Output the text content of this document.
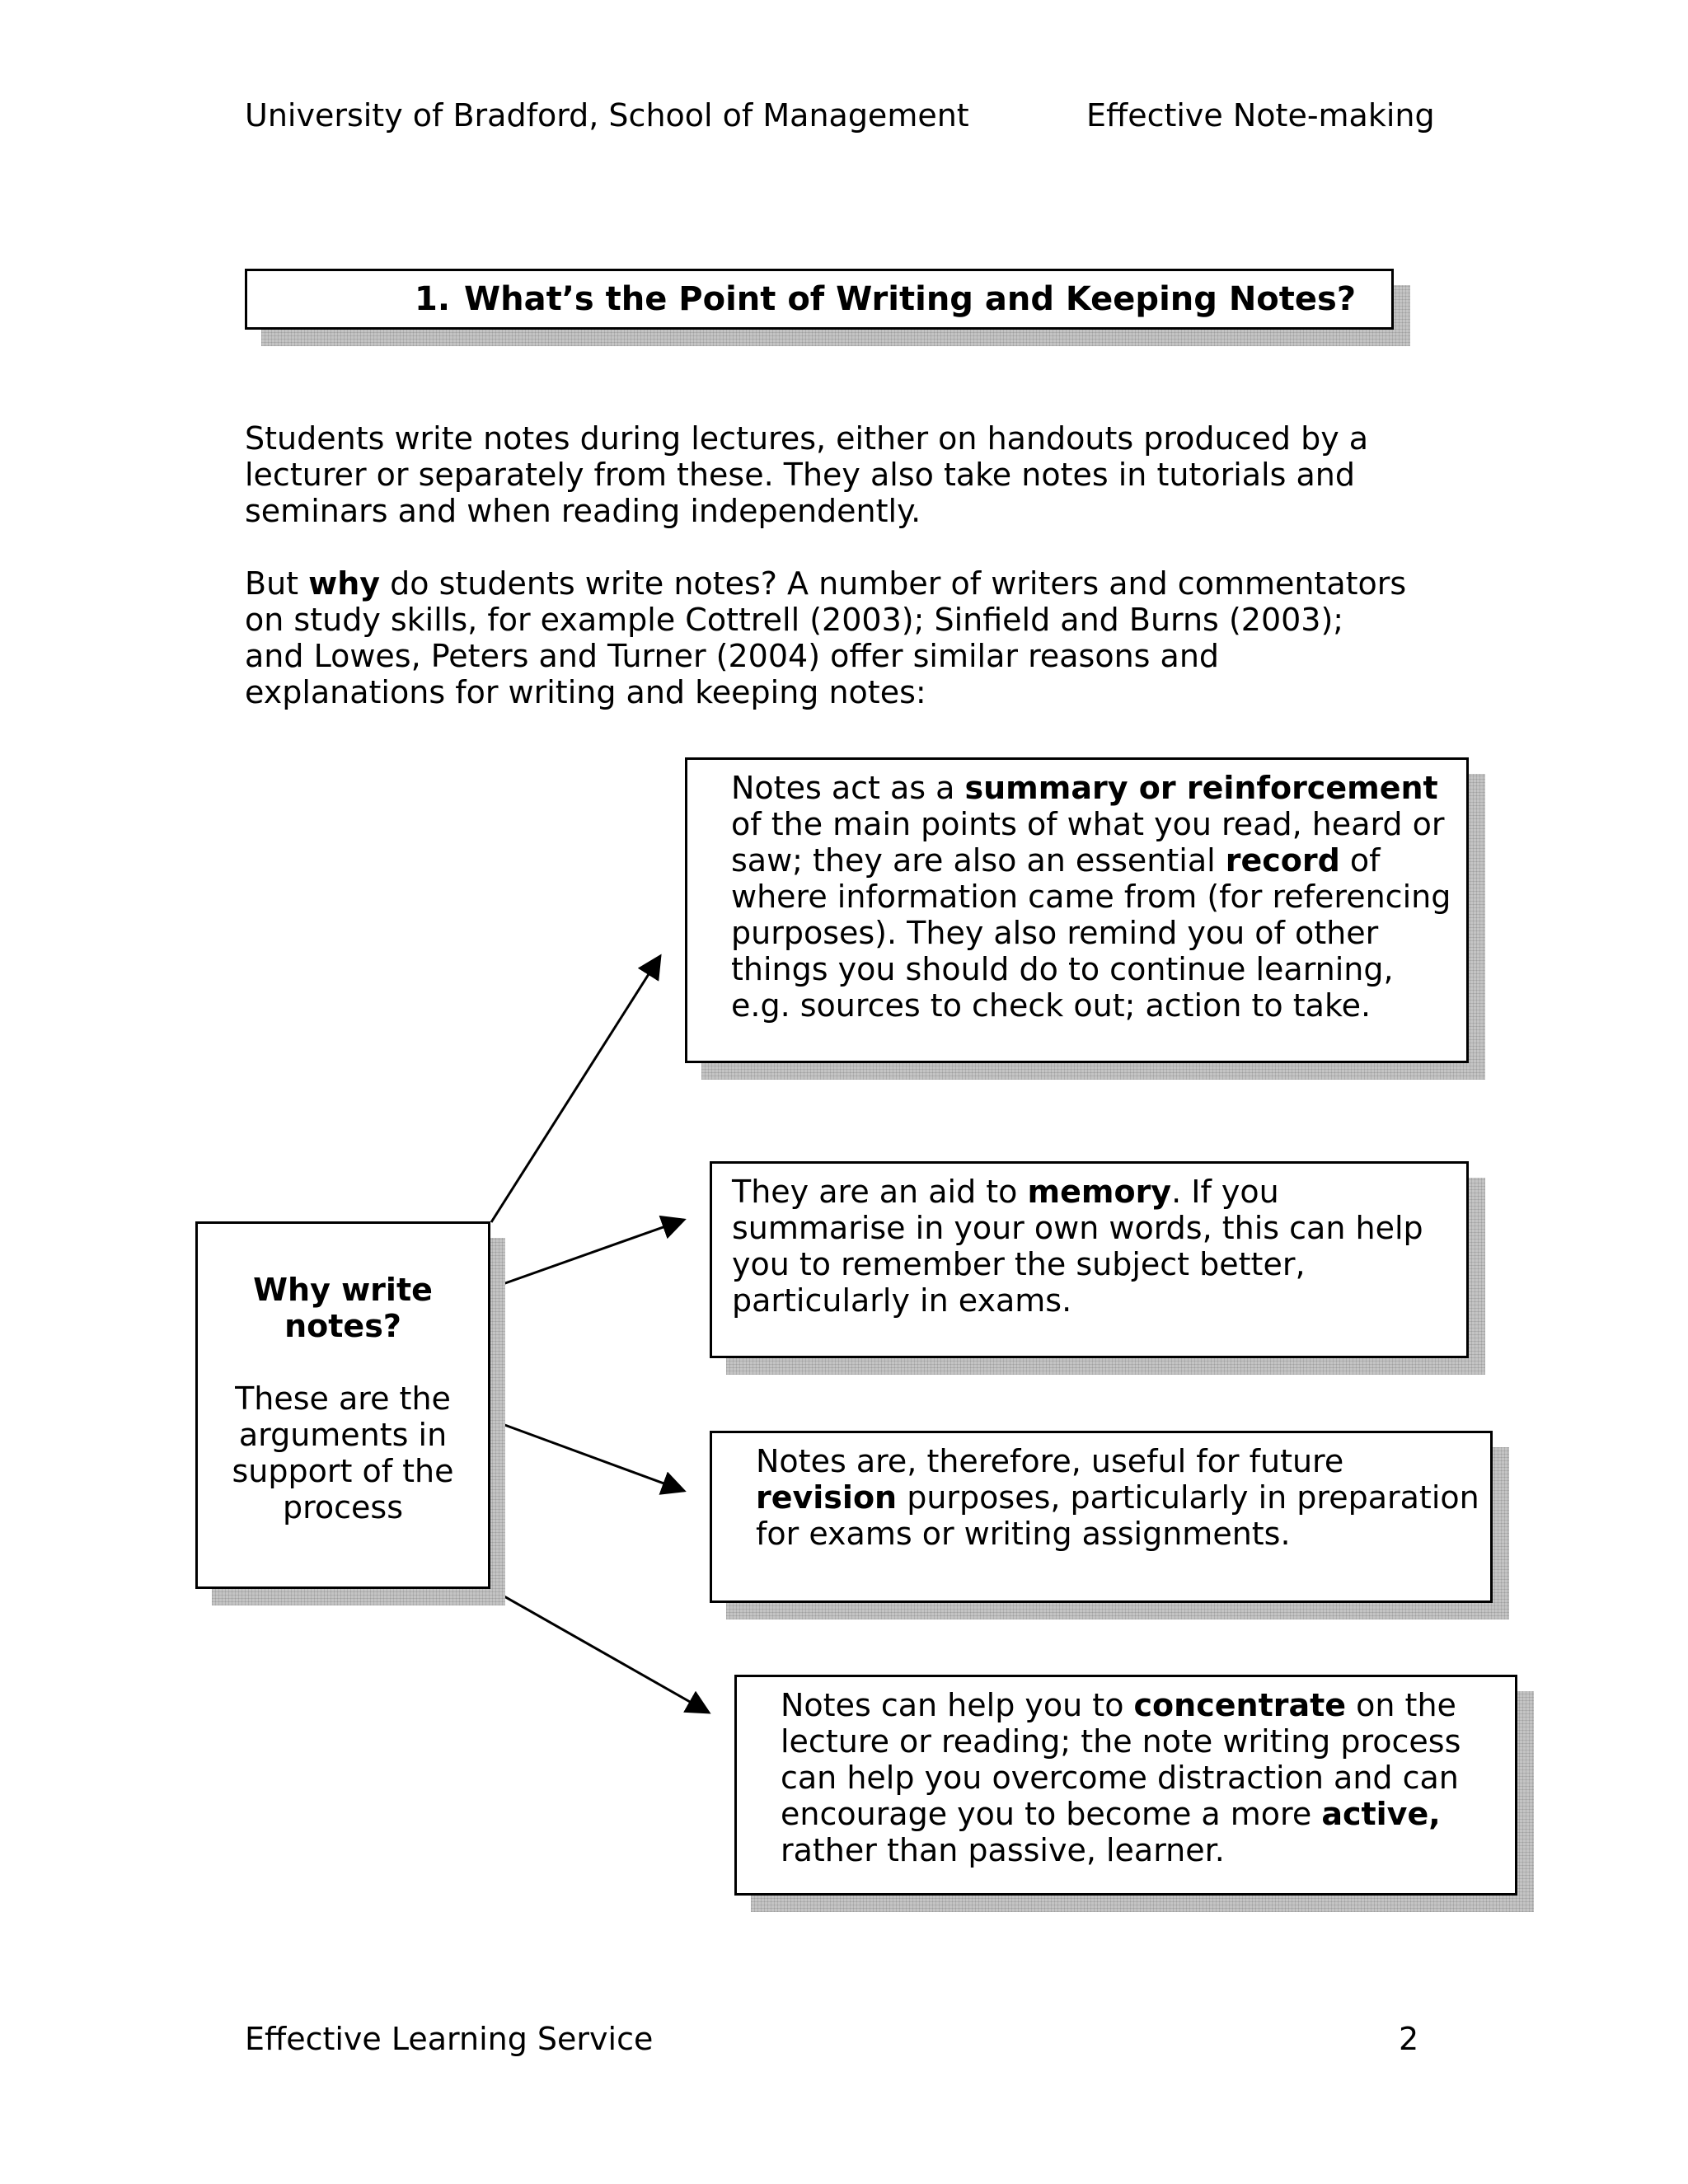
University of Bradford, School of Management	Effective Note-making
1. What’s the Point of Writing and Keeping Notes?
Students write notes during lectures, either on handouts produced by a lecturer or separately from these. They also take notes in tutorials and seminars and when reading independently.
But why do students write notes? A number of writers and commentators on study skills, for example Cottrell (2003); Sinfield and Burns (2003); and Lowes, Peters and Turner (2004) offer similar reasons and explanations for writing and keeping notes:
Why write notes?
These are the arguments in support of the process
Notes act as a summary or reinforcement of the main points of what you read, heard or saw; they are also an essential record of where information came from (for referencing purposes). They also remind you of other things you should do to continue learning, e.g. sources to check out; action to take.
They are an aid to memory. If you summarise in your own words, this can help you to remember the subject better, particularly in exams.
Notes are, therefore, useful for future revision purposes, particularly in preparation for exams or writing assignments.
Notes can help you to concentrate on the lecture or reading; the note writing process can help you overcome distraction and can encourage you to become a more active, rather than passive, learner.
Effective Learning Service	2
